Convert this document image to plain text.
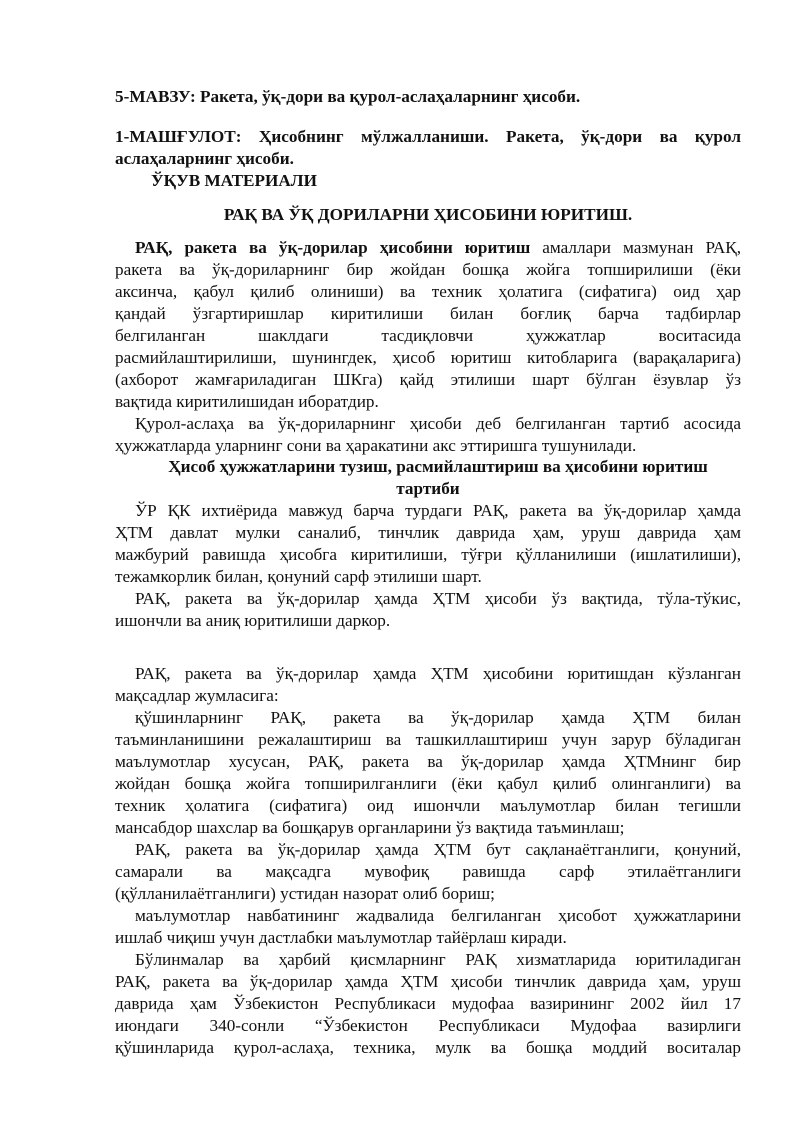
5-МАВЗУ: Ракета, ўқ-дори ва қурол-аслаҳаларнинг ҳисоби.
1-МАШҒУЛОТ: Ҳисобнинг мўлжалланиши. Ракета, ўқ-дори ва қурол
аслаҳаларнинг ҳисоби.
ЎҚУВ МАТЕРИАЛИ
РАҚ ВА ЎҚ ДОРИЛАРНИ ҲИСОБИНИ ЮРИТИШ.
РАҚ, ракета ва ўқ-дорилар ҳисобини юритиш амаллари мазмунан РАҚ,
ракета ва ўқ-дориларнинг бир жойдан бошқа жойга топширилиши (ёки
аксинча, қабул қилиб олиниши) ва техник ҳолатига (сифатига) оид ҳар
қандай ўзгартиришлар киритилиши билан боғлиқ барча тадбирлар
белгиланган шаклдаги тасдиқловчи ҳужжатлар воситасида
расмийлаштирилиши, шунингдек, ҳисоб юритиш китобларига (варақаларига)
(ахборот жамғариладиган ШКга) қайд этилиши шарт бўлган ёзувлар ўз
вақтида киритилишидан иборатдир.
Қурол-аслаҳа ва ўқ-дориларнинг ҳисоби деб белгиланган тартиб асосида
ҳужжатларда уларнинг сони ва ҳаракатини акс эттиришга тушунилади.
Ҳисоб ҳужжатларини тузиш, расмийлаштириш ва ҳисобини юритиш
тартиби
ЎР ҚК ихтиёрида мавжуд барча турдаги РАҚ, ракета ва ўқ-дорилар ҳамда
ҲТМ давлат мулки саналиб, тинчлик даврида ҳам, уруш даврида ҳам
мажбурий равишда ҳисобга киритилиши, тўғри қўлланилиши (ишлатилиши),
тежамкорлик билан, қонуний сарф этилиши шарт.
РАҚ, ракета ва ўқ-дорилар ҳамда ҲТМ ҳисоби ўз вақтида, тўла-тўкис,
ишончли ва аниқ юритилиши даркор.
РАҚ, ракета ва ўқ-дорилар ҳамда ҲТМ ҳисобини юритишдан кўзланган
мақсадлар жумласига:
қўшинларнинг РАҚ, ракета ва ўқ-дорилар ҳамда ҲТМ билан
таъминланишини режалаштириш ва ташкиллаштириш учун зарур бўладиган
маълумотлар хусусан, РАҚ, ракета ва ўқ-дорилар ҳамда ҲТМнинг бир
жойдан бошқа жойга топширилганлиги (ёки қабул қилиб олинганлиги) ва
техник ҳолатига (сифатига) оид ишончли маълумотлар билан тегишли
мансабдор шахслар ва бошқарув органларини ўз вақтида таъминлаш;
РАҚ, ракета ва ўқ-дорилар ҳамда ҲТМ бут сақланаётганлиги, қонуний,
самарали ва мақсадга мувофиқ равишда сарф этилаётганлиги
(қўлланилаётганлиги) устидан назорат олиб бориш;
маълумотлар навбатининг жадвалида белгиланган ҳисобот ҳужжатларини
ишлаб чиқиш учун дастлабки маълумотлар тайёрлаш киради.
Бўлинмалар ва ҳарбий қисмларнинг РАҚ хизматларида юритиладиган
РАҚ, ракета ва ўқ-дорилар ҳамда ҲТМ ҳисоби тинчлик даврида ҳам, уруш
даврида ҳам Ўзбекистон Республикаси мудофаа вазирининг 2002 йил 17
июндаги 340-сонли “Ўзбекистон Республикаси Мудофаа вазирлиги
қўшинларида қурол-аслаҳа, техника, мулк ва бошқа моддий воситалар
